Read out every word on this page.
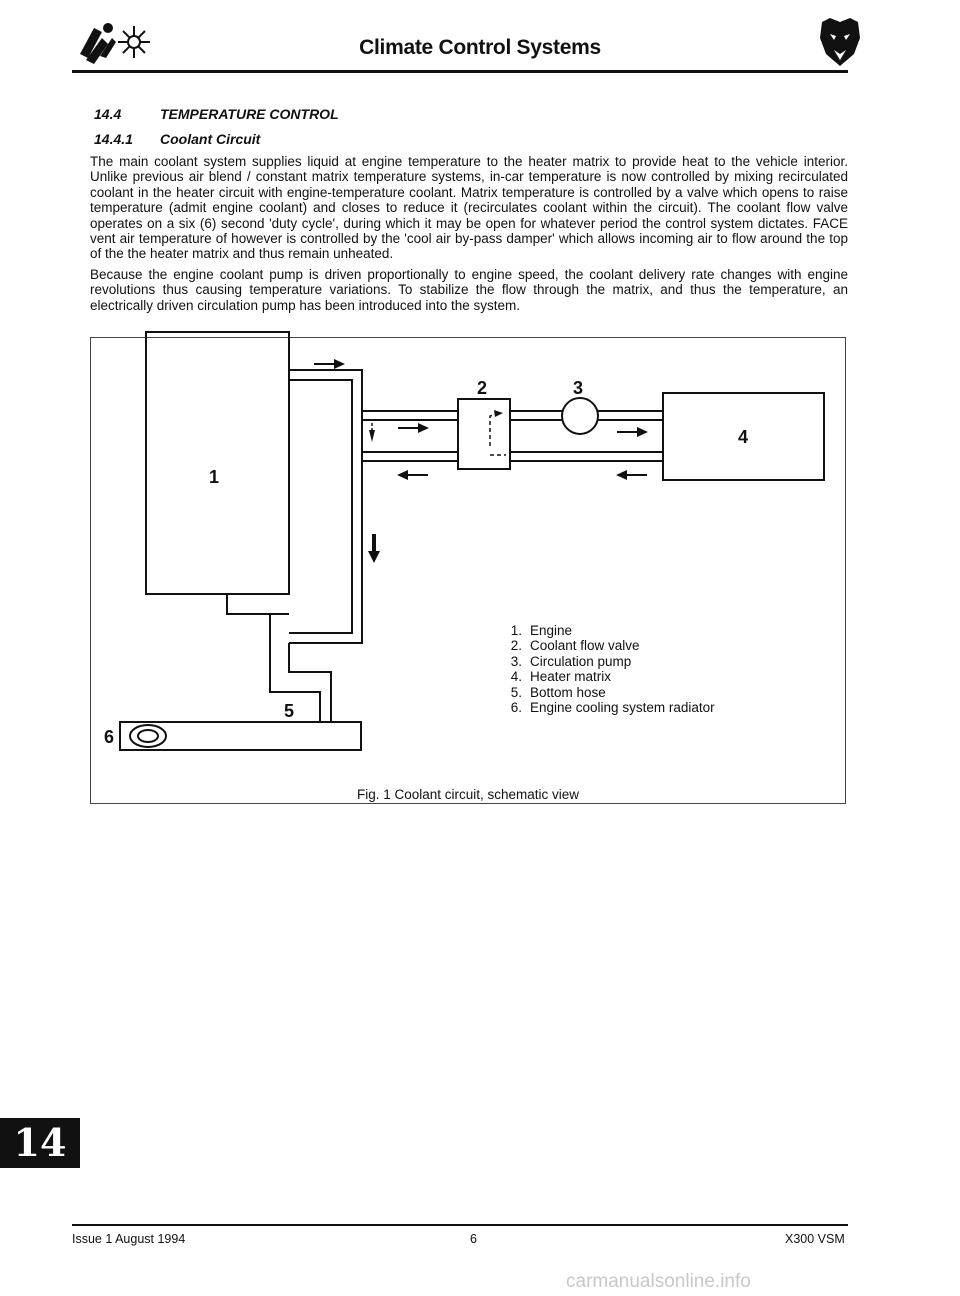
Climate Control Systems
14.4	TEMPERATURE CONTROL
14.4.1 Coolant Circuit

The main coolant system supplies liquid at engine temperature to the heater matrix to provide heat to the vehicle interior. Unlike previous air blend / constant matrix temperature systems, in-car temperature is now controlled by mixing recirculated coolant in the heater circuit with engine-temperature coolant. Matrix temperature is controlled by a valve which opens to raise temperature (admit engine coolant) and closes to reduce it (recirculates coolant within the circuit). The coolant flow valve operates on a six (6) second 'duty cycle', during which it may be open for whatever period the control system dictates. FACE vent air temperature of however is controlled by the 'cool air by-pass damper' which allows incoming air to flow around the top of the the heater matrix and thus remain unheated.

Because the engine coolant pump is driven proportionally to engine speed, the coolant delivery rate changes with engine revolutions thus causing temperature variations. To stabilize the flow through the matrix, and thus the temperature, an electrically driven circulation pump has been introduced into the system.

1
2	3
4
5
6
1. Engine
2. Coolant flow valve
3. Circulation pump
4. Heater matrix
5. Bottom hose
6. Engine cooling system radiator
Fig. 1 Coolant circuit, schematic view
14
Issue 1 August 1994	6	X300 VSM
carmanualsonline.info
